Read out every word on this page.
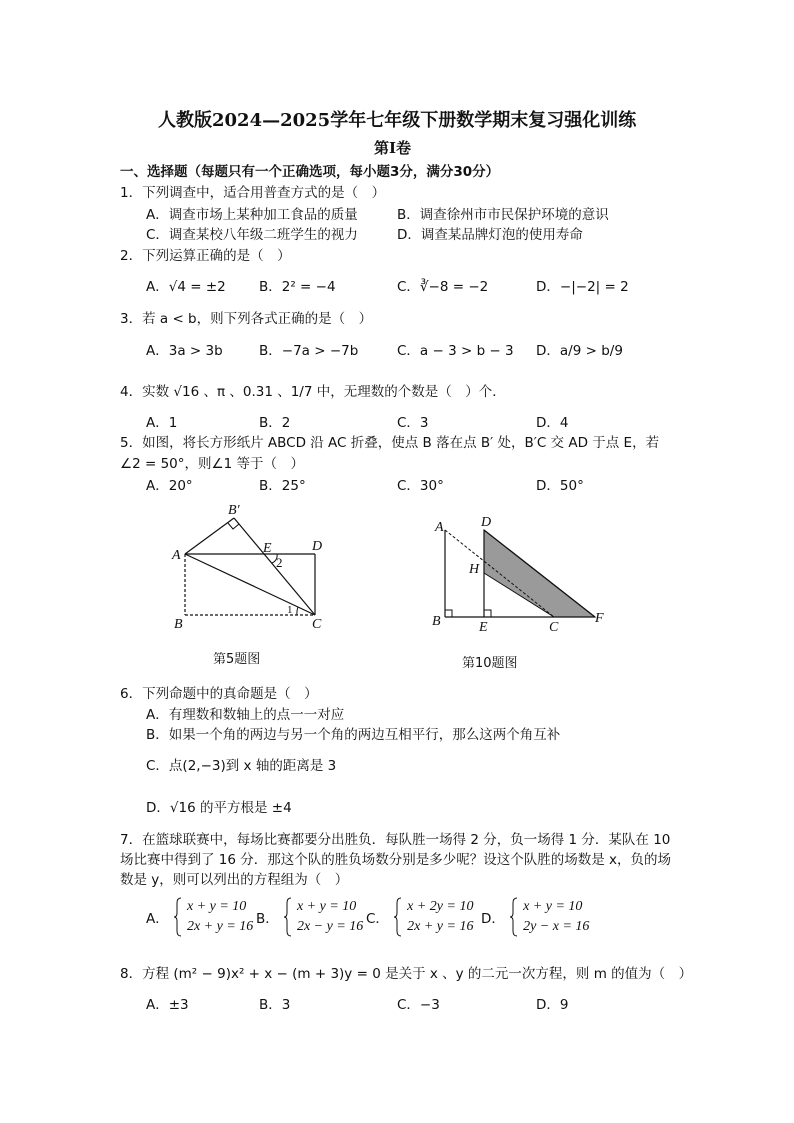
人教版2024—2025学年七年级下册数学期末复习强化训练
第I卷
一、选择题（每题只有一个正确选项，每小题3分，满分30分）
1．下列调查中，适合用普查方式的是（　）
A．调查市场上某种加工食品的质量	B．调查徐州市市民保护环境的意识
C．调查某校八年级二班学生的视力	D．调查某品牌灯泡的使用寿命
2．下列运算正确的是（　）
A．√4 = ±2 B．2² = −4	C．∛−8 = −2	D．−|−2| = 2
3．若 a < b，则下列各式正确的是（　）
A．3a > 3b	B．−7a > −7b	C．a − 3 > b − 3 D．a/9 > b/9
4．实数 √16 、π 、0.31 、1/7 中，无理数的个数是（　）个．
A．1	B．2	C．3	D．4
5．如图，将长方形纸片 ABCD 沿 AC 折叠，使点 B 落在点 B′ 处，B′C 交 AD 于点 E，若
∠2 = 50°，则∠1 等于（　）
A．20°	B．25°	C．30°	D．50°
A
B	C
D
E
B′
1
2
第5题图
A
B	C
D
E
F
H
第10题图
6．下列命题中的真命题是（　）
A．有理数和数轴上的点一一对应
B．如果一个角的两边与另一个角的两边互相平行，那么这两个角互补
C．点(2,−3)到 x 轴的距离是 3
D．√16 的平方根是 ±4
7．在篮球联赛中，每场比赛都要分出胜负．每队胜一场得 2 分，负一场得 1 分．某队在 10
场比赛中得到了 16 分．那这个队的胜负场数分别是多少呢？设这个队胜的场数是 x，负的场
数是 y，则可以列出的方程组为（　）
A．
x + y = 10
2x + y = 16 B．
x + y = 10
2x − y = 16 C．
x + 2y = 10
2x + y = 16 D．
x + y = 10
2y − x = 16
8．方程 (m² − 9)x² + x − (m + 3)y = 0 是关于 x 、y 的二元一次方程，则 m 的值为（　）
A．±3	B．3	C．−3	D．9
